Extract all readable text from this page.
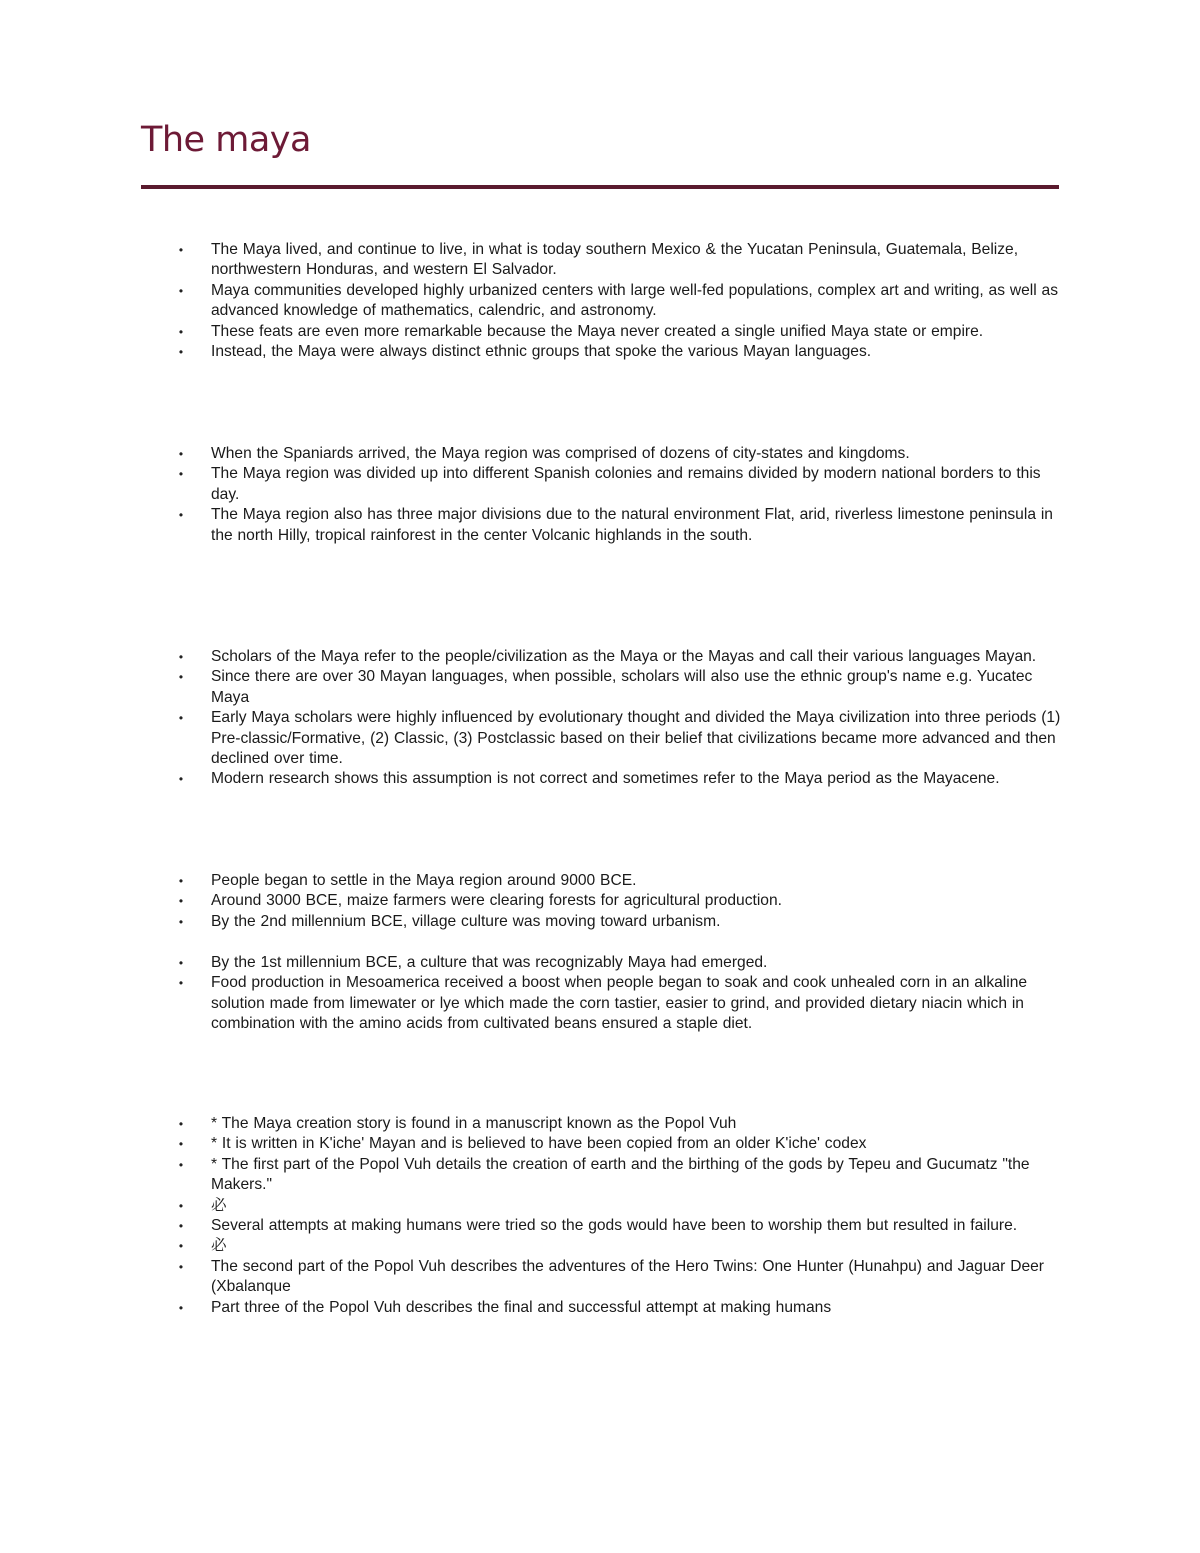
The maya
• The Maya lived, and continue to live, in what is today southern Mexico & the Yucatan Peninsula, Guatemala, Belize, northwestern Honduras, and western El Salvador.
• Maya communities developed highly urbanized centers with large well-fed populations, complex art and writing, as well as advanced knowledge of mathematics, calendric, and astronomy.
• These feats are even more remarkable because the Maya never created a single unified Maya state or empire.
• Instead, the Maya were always distinct ethnic groups that spoke the various Mayan languages.
• When the Spaniards arrived, the Maya region was comprised of dozens of city-states and kingdoms.
• The Maya region was divided up into different Spanish colonies and remains divided by modern national borders to this day.
• The Maya region also has three major divisions due to the natural environment Flat, arid, riverless limestone peninsula in the north Hilly, tropical rainforest in the center Volcanic highlands in the south.
• Scholars of the Maya refer to the people/civilization as the Maya or the Mayas and call their various languages Mayan.
• Since there are over 30 Mayan languages, when possible, scholars will also use the ethnic group's name e.g. Yucatec Maya
• Early Maya scholars were highly influenced by evolutionary thought and divided the Maya civilization into three periods (1) Pre-classic/Formative, (2) Classic, (3) Postclassic based on their belief that civilizations became more advanced and then declined over time.
• Modern research shows this assumption is not correct and sometimes refer to the Maya period as the Mayacene.
• People began to settle in the Maya region around 9000 BCE.
• Around 3000 BCE, maize farmers were clearing forests for agricultural production.
• By the 2nd millennium BCE, village culture was moving toward urbanism.
• By the 1st millennium BCE, a culture that was recognizably Maya had emerged.
• Food production in Mesoamerica received a boost when people began to soak and cook unhealed corn in an alkaline solution made from limewater or lye which made the corn tastier, easier to grind, and provided dietary niacin which in combination with the amino acids from cultivated beans ensured a staple diet.
• * The Maya creation story is found in a manuscript known as the Popol Vuh
• * It is written in K'iche' Mayan and is believed to have been copied from an older K'iche' codex
• * The first part of the Popol Vuh details the creation of earth and the birthing of the gods by Tepeu and Gucumatz "the Makers."
• 必
• Several attempts at making humans were tried so the gods would have been to worship them but resulted in failure.
• 必
• The second part of the Popol Vuh describes the adventures of the Hero Twins: One Hunter (Hunahpu) and Jaguar Deer (Xbalanque
• Part three of the Popol Vuh describes the final and successful attempt at making humans
